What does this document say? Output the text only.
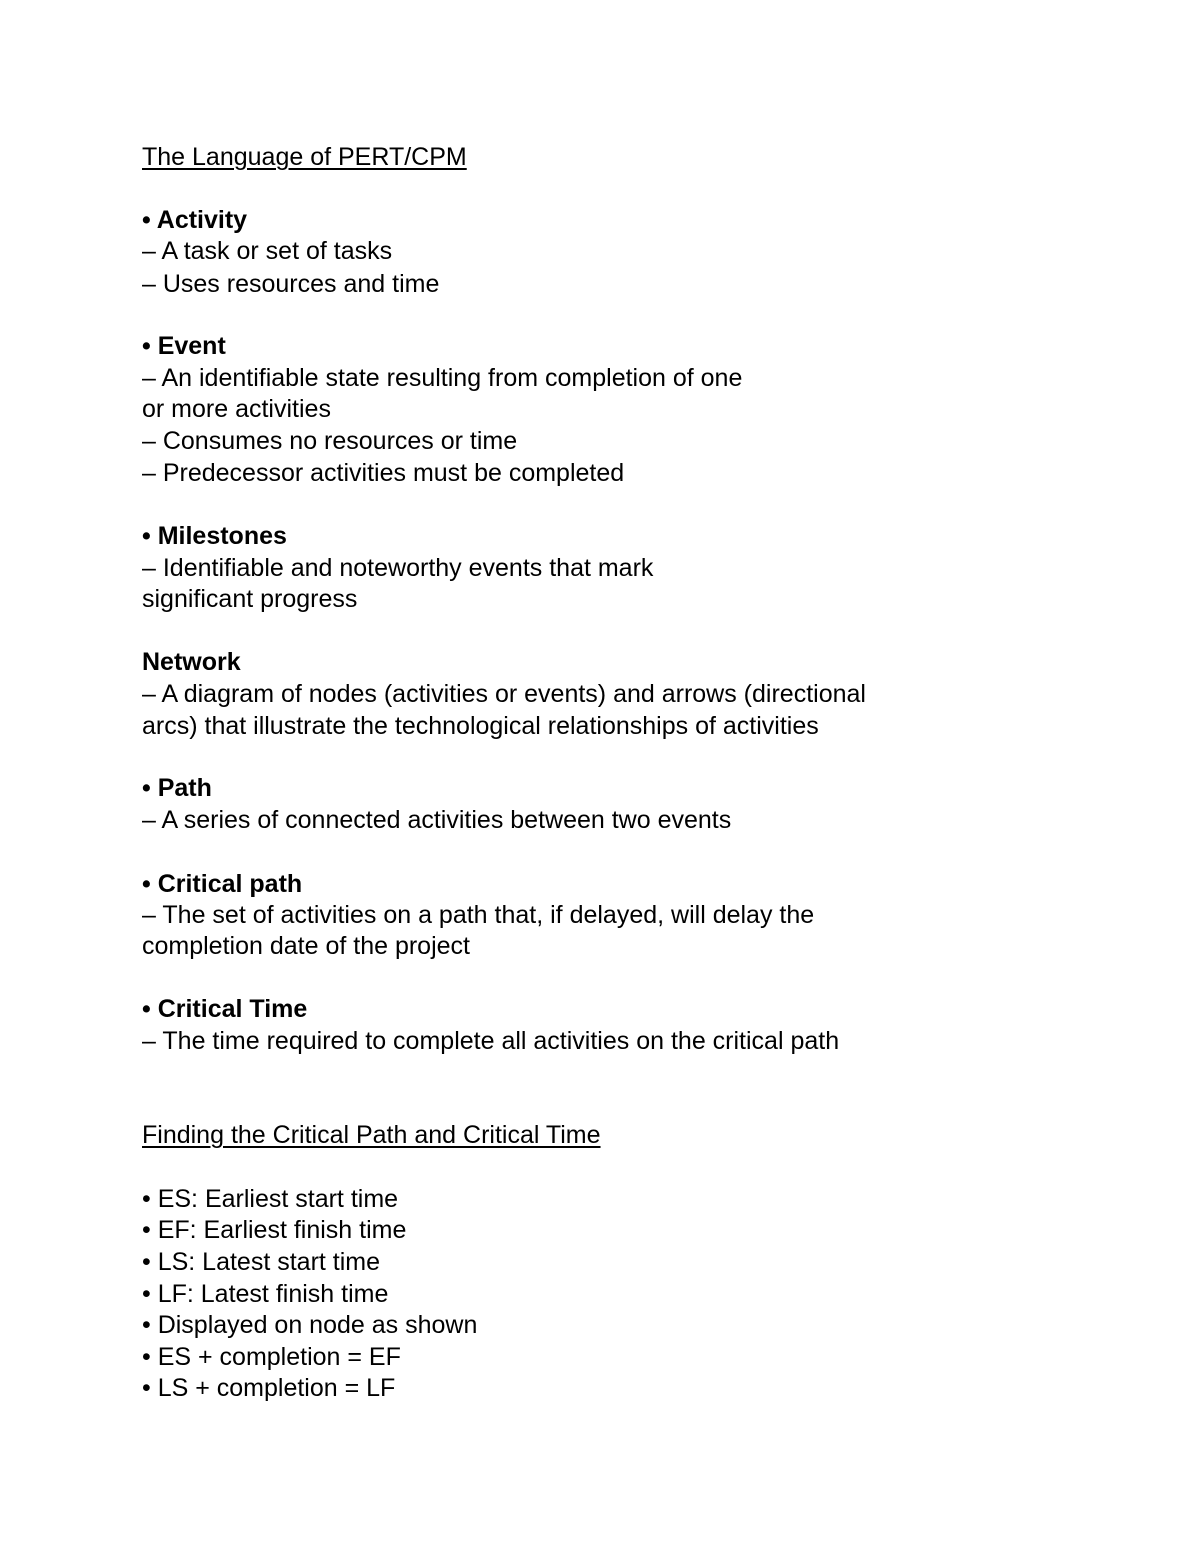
The Language of PERT/CPM
• Activity
– A task or set of tasks
– Uses resources and time
• Event
– An identifiable state resulting from completion of one
or more activities
– Consumes no resources or time
– Predecessor activities must be completed
• Milestones
– Identifiable and noteworthy events that mark
significant progress
Network
– A diagram of nodes (activities or events) and arrows (directional
arcs) that illustrate the technological relationships of activities
• Path
– A series of connected activities between two events
• Critical path
– The set of activities on a path that, if delayed, will delay the
completion date of the project
• Critical Time
– The time required to complete all activities on the critical path
Finding the Critical Path and Critical Time
• ES: Earliest start time
• EF: Earliest finish time
• LS: Latest start time
• LF: Latest finish time
• Displayed on node as shown
• ES + completion = EF
• LS + completion = LF
